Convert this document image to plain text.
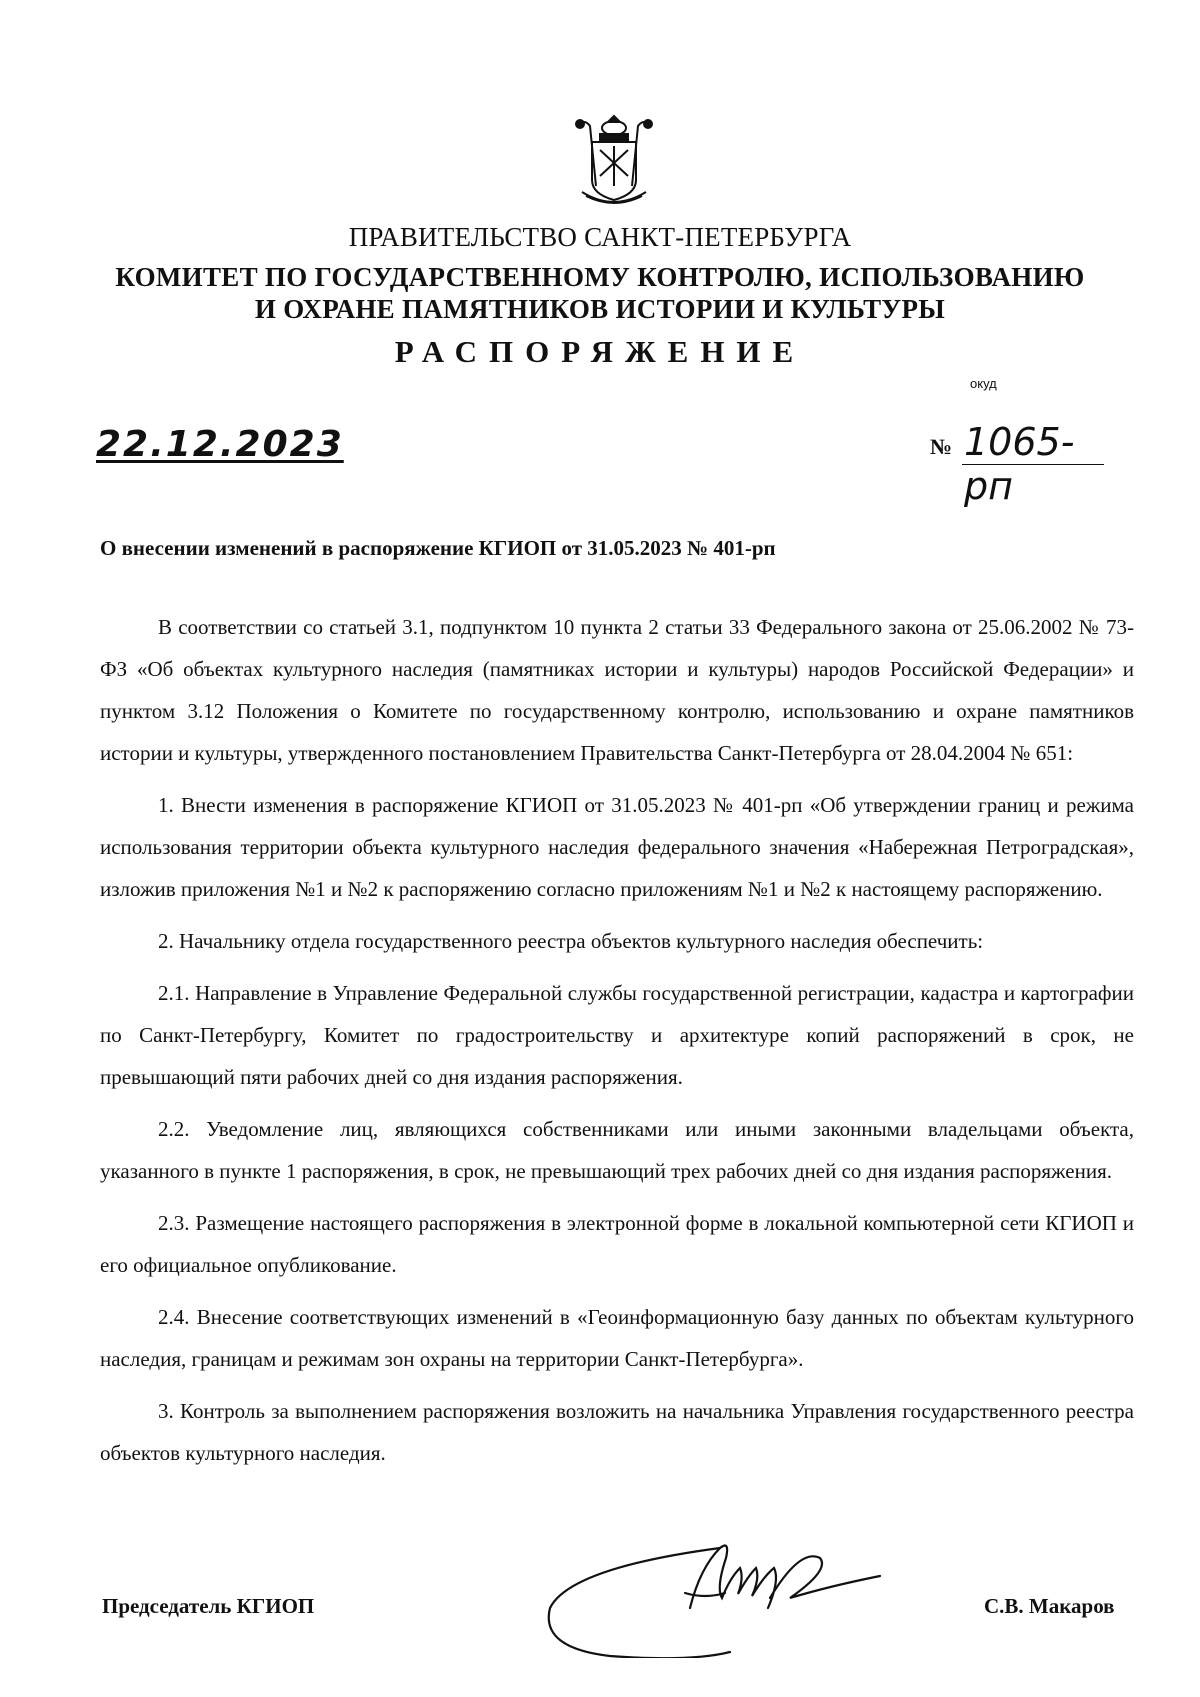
ПРАВИТЕЛЬСТВО САНКТ-ПЕТЕРБУРГА
КОМИТЕТ ПО ГОСУДАРСТВЕННОМУ КОНТРОЛЮ, ИСПОЛЬЗОВАНИЮ
И ОХРАНЕ ПАМЯТНИКОВ ИСТОРИИ И КУЛЬТУРЫ
РАСПОРЯЖЕНИЕ
окуд
22.12.2023	№ 1065-рп
О внесении изменений в распоряжение КГИОП от 31.05.2023 № 401-рп

В соответствии со статьей 3.1, подпунктом 10 пункта 2 статьи 33 Федерального закона от 25.06.2002 № 73-ФЗ «Об объектах культурного наследия (памятниках истории и культуры) народов Российской Федерации» и пунктом 3.12 Положения о Комитете по государственному контролю, использованию и охране памятников истории и культуры, утвержденного постановлением Правительства Санкт-Петербурга от 28.04.2004 № 651:

1. Внести изменения в распоряжение КГИОП от 31.05.2023 № 401-рп «Об утверждении границ и режима использования территории объекта культурного наследия федерального значения «Набережная Петроградская», изложив приложения №1 и №2 к распоряжению согласно приложениям №1 и №2 к настоящему распоряжению.

2. Начальнику отдела государственного реестра объектов культурного наследия обеспечить:

2.1. Направление в Управление Федеральной службы государственной регистрации, кадастра и картографии по Санкт-Петербургу, Комитет по градостроительству и архитектуре копий распоряжений в срок, не превышающий пяти рабочих дней со дня издания распоряжения.

2.2. Уведомление лиц, являющихся собственниками или иными законными владельцами объекта, указанного в пункте 1 распоряжения, в срок, не превышающий трех рабочих дней со дня издания распоряжения.

2.3. Размещение настоящего распоряжения в электронной форме в локальной компьютерной сети КГИОП и его официальное опубликование.

2.4. Внесение соответствующих изменений в «Геоинформационную базу данных по объектам культурного наследия, границам и режимам зон охраны на территории Санкт-Петербурга».

3. Контроль за выполнением распоряжения возложить на начальника Управления государственного реестра объектов культурного наследия.

Председатель КГИОП	С.В. Макаров
